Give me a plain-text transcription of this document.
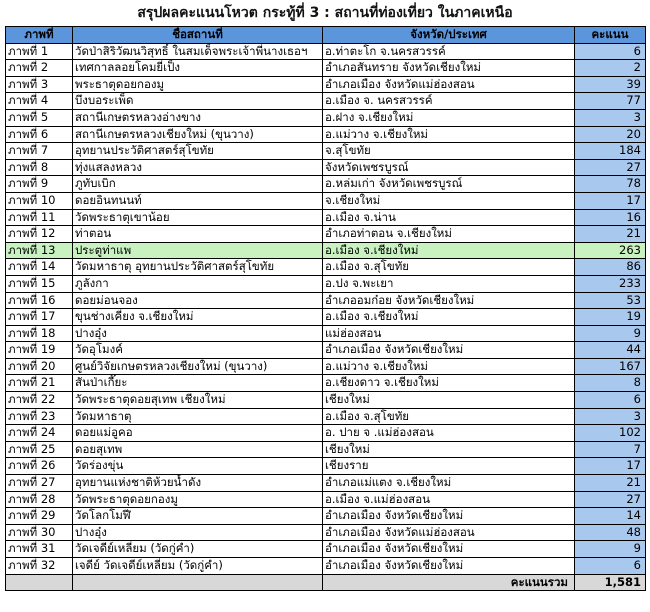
สรุปผลคะแนนโหวต กระทู้ที่ 3 : สถานที่ท่องเที่ยว ในภาคเหนือ
ภาพที่	ชื่อสถานที่	จังหวัด/ประเทศ	คะแนน
ภาพที่ 1	วัดป่าสิริวัฒนวิสุทธิ์ ในสมเด็จพระเจ้าพี่นางเธอฯ	อ.ท่าตะโก จ.นครสวรรค์	6
ภาพที่ 2	เทศกาลลอยโคมยี่เป็ง	อำเภอสันทราย จังหวัดเชียงใหม่	2
ภาพที่ 3	พระธาตุดอยกองมู	อำเภอเมือง จังหวัดแม่ฮ่องสอน	39
ภาพที่ 4	บึงบอระเพ็ด	อ.เมือง จ. นครสวรรค์	77
ภาพที่ 5	สถานีเกษตรหลวงอ่างขาง	อ.ฝาง จ.เชียงใหม่	3
ภาพที่ 6	สถานีเกษตรหลวงเชียงใหม่ (ขุนวาง)	อ.แม่วาง จ.เชียงใหม่	20
ภาพที่ 7	อุทยานประวัติศาสตร์สุโขทัย	จ.สุโขทัย	184
ภาพที่ 8	ทุ่งแสลงหลวง	จังหวัดเพชรบูรณ์	27
ภาพที่ 9	ภูทับเบิก	อ.หล่มเก่า จังหวัดเพชรบูรณ์	78
ภาพที่ 10	ดอยอินทนนท์	จ.เชียงใหม่	17
ภาพที่ 11	วัดพระธาตุเขาน้อย	อ.เมือง จ.น่าน	16
ภาพที่ 12	ท่าตอน	อำเภอท่าตอน จ.เชียงใหม่	21
ภาพที่ 13	ประตูท่าแพ	อ.เมือง จ.เชียงใหม่	263
ภาพที่ 14	วัดมหาธาตุ อุทยานประวัติศาสตร์สุโขทัย	อ.เมือง จ.สุโขทัย	86
ภาพที่ 15	ภูลังกา	อ.ปง จ.พะเยา	233
ภาพที่ 16	ดอยม่อนจอง	อำเภออมก๋อย จังหวัดเชียงใหม่	53
ภาพที่ 17	ขุนช่างเคี่ยง จ.เชียงใหม่	อ.เมือง จ.เชียงใหม่	19
ภาพที่ 18	ปางอุ๋ง	แม่ฮ่องสอน	9
ภาพที่ 19	วัดอุโมงค์	อำเภอเมือง จังหวัดเชียงใหม่	44
ภาพที่ 20	ศูนย์วิจัยเกษตรหลวงเชียงใหม่ (ขุนวาง)	อ.แม่วาง จ.เชียงใหม่	167
ภาพที่ 21	สันป่าเกี๊ยะ	อ.เชียงดาว จ.เชียงใหม่	8
ภาพที่ 22	วัดพระธาตุดอยสุเทพ เชียงใหม่	เชียงใหม่	6
ภาพที่ 23	วัดมหาธาตุ	อ.เมือง จ.สุโขทัย	3
ภาพที่ 24	ดอยแม่อูคอ	อ. ปาย จ .แม่ฮ่องสอน	102
ภาพที่ 25	ดอยสุเทพ	เชียงใหม่	7
ภาพที่ 26	วัดร่องขุ่น	เชียงราย	17
ภาพที่ 27	อุทยานแห่งชาติห้วยน้ำดัง	อำเภอแม่แตง จ.เชียงใหม่	21
ภาพที่ 28	วัดพระธาตุดอยกองมู	อ.เมือง จ.แม่ฮ่องสอน	27
ภาพที่ 29	วัดโลกโมฬี	อำเภอเมือง จังหวัดเชียงใหม่	14
ภาพที่ 30	ปางอุ๋ง	อำเภอเมือง จังหวัดแม่ฮ่องสอน	48
ภาพที่ 31	วัดเจดีย์เหลี่ยม (วัดกู่คำ)	อำเภอเมือง จังหวัดเชียงใหม่	9
ภาพที่ 32	เจดีย์ วัดเจดีย์เหลี่ยม (วัดกู่คำ)	อำเภอเมือง จังหวัดเชียงใหม่	6
		คะแนนรวม	1,581
